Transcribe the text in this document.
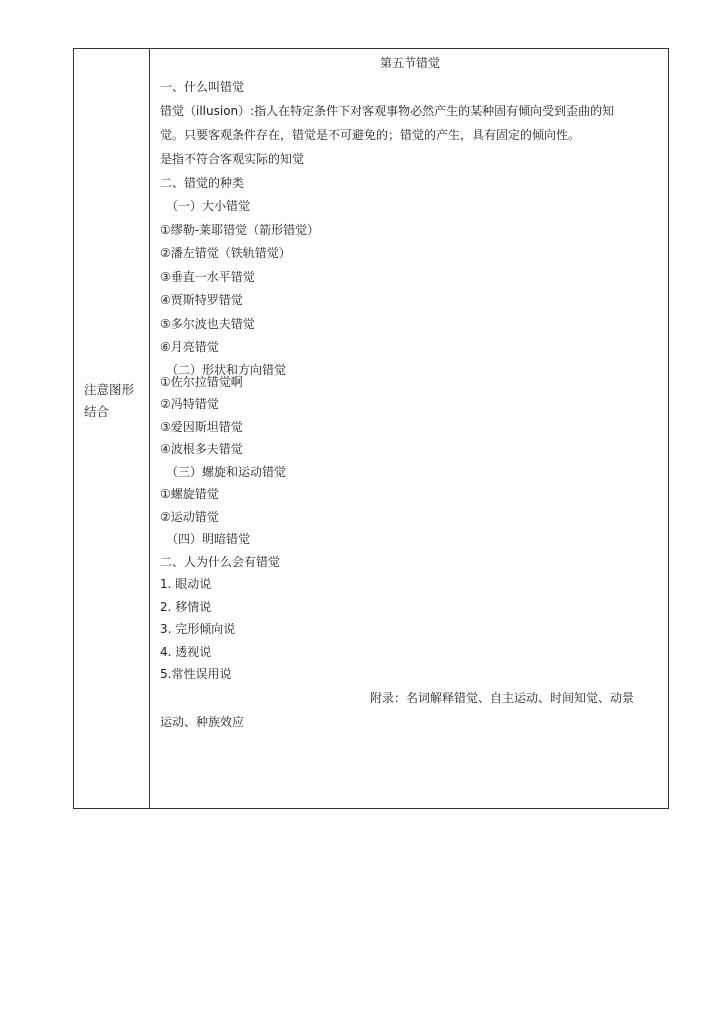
注意图形
结合
第五节错觉
一、什么叫错觉
错觉（illusion）:指人在特定条件下对客观事物必然产生的某种固有倾向受到歪曲的知
觉。只要客观条件存在，错觉是不可避免的；错觉的产生，具有固定的倾向性。
是指不符合客观实际的知觉
二、错觉的种类
（一）大小错觉
①缪勒-莱耶错觉（箭形错觉）
②潘左错觉（铁轨错觉）
③垂直一水平错觉
④贾斯特罗错觉
⑤多尔波也夫错觉
⑥月亮错觉
（二）形状和方向错觉
①佐尔拉错觉啊
②冯特错觉
③爱因斯坦错觉
④波根多夫错觉
（三）螺旋和运动错觉
①螺旋错觉
②运动错觉
（四）明暗错觉
二、人为什么会有错觉
1. 眼动说
2. 移情说
3. 完形倾向说
4. 透视说
5.常性误用说
附录：名词解释错觉、自主运动、时间知觉、动景
运动、种族效应
